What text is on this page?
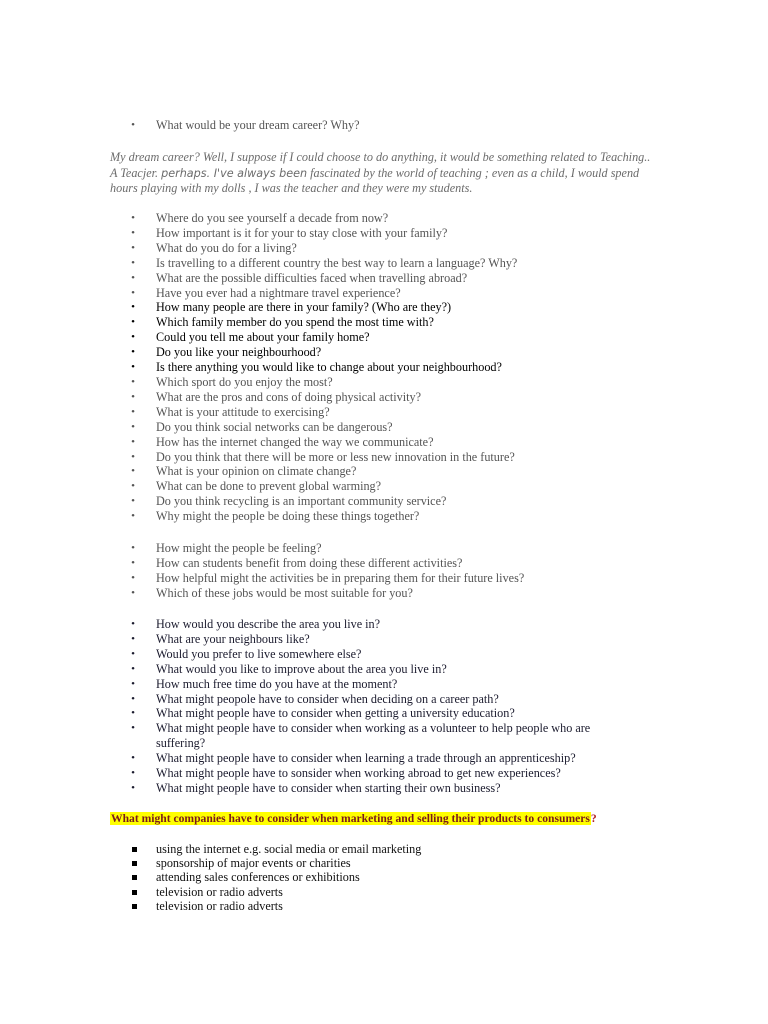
• What would be your dream career? Why?
My dream career? Well, I suppose if I could choose to do anything, it would be something related to Teaching.. A Teacjer. perhaps. I've always been fascinated by the world of teaching ; even as a child, I would spend hours playing with my dolls , I was the teacher and they were my students.
• Where do you see yourself a decade from now?
• How important is it for your to stay close with your family?
• What do you do for a living?
• Is travelling to a different country the best way to learn a language? Why?
• What are the possible difficulties faced when travelling abroad?
• Have you ever had a nightmare travel experience?
• How many people are there in your family? (Who are they?)
• Which family member do you spend the most time with?
• Could you tell me about your family home?
• Do you like your neighbourhood?
• Is there anything you would like to change about your neighbourhood?
• Which sport do you enjoy the most?
• What are the pros and cons of doing physical activity?
• What is your attitude to exercising?
• Do you think social networks can be dangerous?
• How has the internet changed the way we communicate?
• Do you think that there will be more or less new innovation in the future?
• What is your opinion on climate change?
• What can be done to prevent global warming?
• Do you think recycling is an important community service?
• Why might the people be doing these things together?
• How might the people be feeling?
• How can students benefit from doing these different activities?
• How helpful might the activities be in preparing them for their future lives?
• Which of these jobs would be most suitable for you?
• How would you describe the area you live in?
• What are your neighbours like?
• Would you prefer to live somewhere else?
• What would you like to improve about the area you live in?
• How much free time do you have at the moment?
• What might peopole have to consider when deciding on a career path?
• What might people have to consider when getting a university education?
• What might people have to consider when working as a volunteer to help people who are suffering?
• What might people have to consider when learning a trade through an apprenticeship?
• What might people have to sonsider when working abroad to get new experiences?
• What might people have to consider when starting their own business?
What might companies have to consider when marketing and selling their products to consumers?
using the internet e.g. social media or email marketing
sponsorship of major events or charities
attending sales conferences or exhibitions
television or radio adverts
television or radio adverts
